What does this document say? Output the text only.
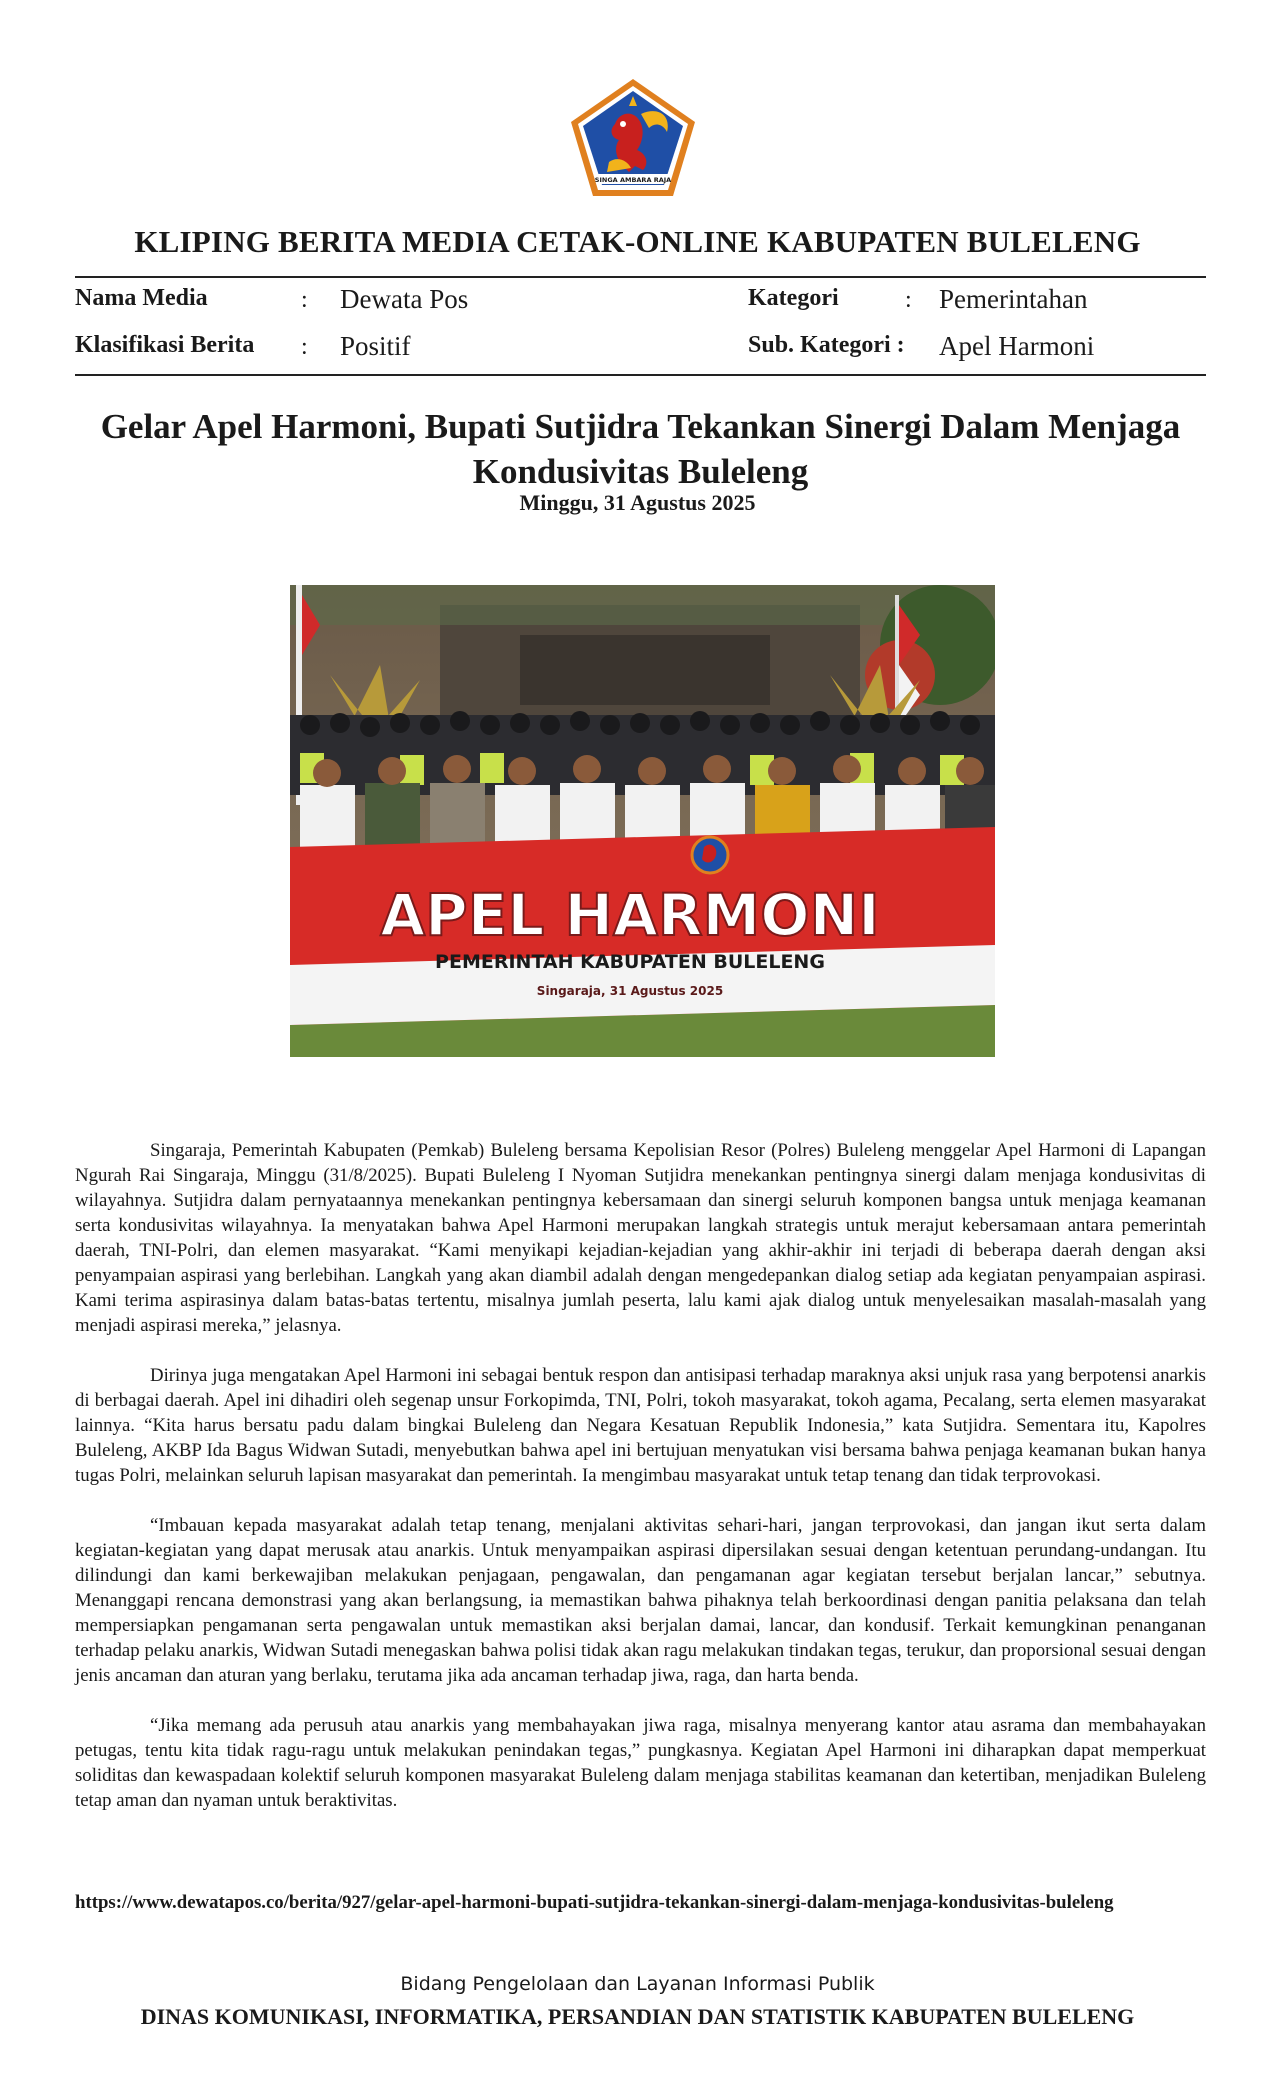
SINGA AMBARA RAJA
KLIPING BERITA MEDIA CETAK-ONLINE KABUPATEN BULELENG
Nama Media	: Dewata Pos	Kategori	: Pemerintahan
Klasifikasi Berita : Positif	Sub. Kategori : Apel Harmoni
Gelar Apel Harmoni, Bupati Sutjidra Tekankan Sinergi Dalam Menjaga Kondusivitas Buleleng
Minggu, 31 Agustus 2025
APEL HARMONI
PEMERINTAH KABUPATEN BULELENG
Singaraja, 31 Agustus 2025

Singaraja, Pemerintah Kabupaten (Pemkab) Buleleng bersama Kepolisian Resor (Polres) Buleleng menggelar Apel Harmoni di Lapangan Ngurah Rai Singaraja, Minggu (31/8/2025). Bupati Buleleng I Nyoman Sutjidra menekankan pentingnya sinergi dalam menjaga kondusivitas di wilayahnya. Sutjidra dalam pernyataannya menekankan pentingnya kebersamaan dan sinergi seluruh komponen bangsa untuk menjaga keamanan serta kondusivitas wilayahnya. Ia menyatakan bahwa Apel Harmoni merupakan langkah strategis untuk merajut kebersamaan antara pemerintah daerah, TNI-Polri, dan elemen masyarakat. “Kami menyikapi kejadian-kejadian yang akhir-akhir ini terjadi di beberapa daerah dengan aksi penyampaian aspirasi yang berlebihan. Langkah yang akan diambil adalah dengan mengedepankan dialog setiap ada kegiatan penyampaian aspirasi. Kami terima aspirasinya dalam batas-batas tertentu, misalnya jumlah peserta, lalu kami ajak dialog untuk menyelesaikan masalah-masalah yang menjadi aspirasi mereka,” jelasnya.

Dirinya juga mengatakan Apel Harmoni ini sebagai bentuk respon dan antisipasi terhadap maraknya aksi unjuk rasa yang berpotensi anarkis di berbagai daerah. Apel ini dihadiri oleh segenap unsur Forkopimda, TNI, Polri, tokoh masyarakat, tokoh agama, Pecalang, serta elemen masyarakat lainnya. “Kita harus bersatu padu dalam bingkai Buleleng dan Negara Kesatuan Republik Indonesia,” kata Sutjidra. Sementara itu, Kapolres Buleleng, AKBP Ida Bagus Widwan Sutadi, menyebutkan bahwa apel ini bertujuan menyatukan visi bersama bahwa penjaga keamanan bukan hanya tugas Polri, melainkan seluruh lapisan masyarakat dan pemerintah. Ia mengimbau masyarakat untuk tetap tenang dan tidak terprovokasi.

“Imbauan kepada masyarakat adalah tetap tenang, menjalani aktivitas sehari-hari, jangan terprovokasi, dan jangan ikut serta dalam kegiatan-kegiatan yang dapat merusak atau anarkis. Untuk menyampaikan aspirasi dipersilakan sesuai dengan ketentuan perundang-undangan. Itu dilindungi dan kami berkewajiban melakukan penjagaan, pengawalan, dan pengamanan agar kegiatan tersebut berjalan lancar,” sebutnya. Menanggapi rencana demonstrasi yang akan berlangsung, ia memastikan bahwa pihaknya telah berkoordinasi dengan panitia pelaksana dan telah mempersiapkan pengamanan serta pengawalan untuk memastikan aksi berjalan damai, lancar, dan kondusif. Terkait kemungkinan penanganan terhadap pelaku anarkis, Widwan Sutadi menegaskan bahwa polisi tidak akan ragu melakukan tindakan tegas, terukur, dan proporsional sesuai dengan jenis ancaman dan aturan yang berlaku, terutama jika ada ancaman terhadap jiwa, raga, dan harta benda.

“Jika memang ada perusuh atau anarkis yang membahayakan jiwa raga, misalnya menyerang kantor atau asrama dan membahayakan petugas, tentu kita tidak ragu-ragu untuk melakukan penindakan tegas,” pungkasnya. Kegiatan Apel Harmoni ini diharapkan dapat memperkuat soliditas dan kewaspadaan kolektif seluruh komponen masyarakat Buleleng dalam menjaga stabilitas keamanan dan ketertiban, menjadikan Buleleng tetap aman dan nyaman untuk beraktivitas.

https://www.dewatapos.co/berita/927/gelar-apel-harmoni-bupati-sutjidra-tekankan-sinergi-dalam-menjaga-kondusivitas-buleleng
Bidang Pengelolaan dan Layanan Informasi Publik
DINAS KOMUNIKASI, INFORMATIKA, PERSANDIAN DAN STATISTIK KABUPATEN BULELENG
